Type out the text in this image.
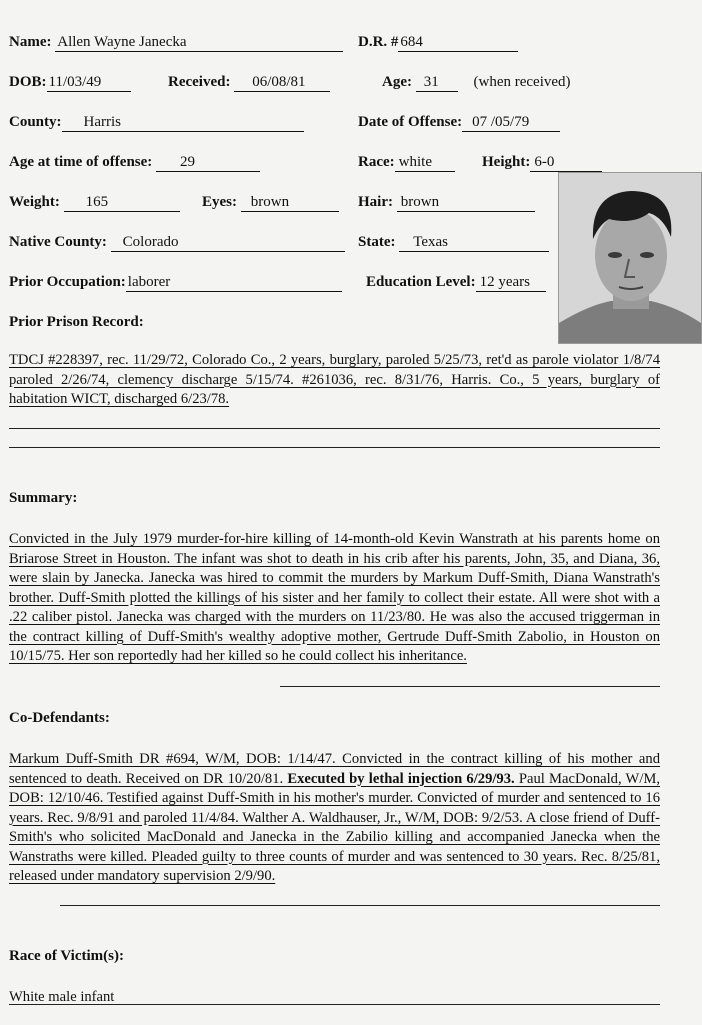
Name: Allen Wayne Janecka	D.R. # 684
DOB: 11/03/49	Received: 06/08/81	Age: 31 (when received)
County: Harris	Date of Offense: 07 /05/79
Age at time of offense: 29	Race: white	Height: 6-0
Weight: 165	Eyes: brown	Hair: brown
Native County: Colorado	State: Texas
Prior Occupation: laborer	Education Level: 12 years
Prior Prison Record:
TDCJ #228397, rec. 11/29/72, Colorado Co., 2 years, burglary, paroled 5/25/73, ret'd as parole violator 1/8/74 paroled 2/26/74, clemency discharge 5/15/74. #261036, rec. 8/31/76, Harris. Co., 5 years, burglary of habitation WICT, discharged 6/23/78.
Summary:
Convicted in the July 1979 murder-for-hire killing of 14-month-old Kevin Wanstrath at his parents home on Briarose Street in Houston. The infant was shot to death in his crib after his parents, John, 35, and Diana, 36, were slain by Janecka. Janecka was hired to commit the murders by Markum Duff-Smith, Diana Wanstrath's brother. Duff-Smith plotted the killings of his sister and her family to collect their estate. All were shot with a .22 caliber pistol. Janecka was charged with the murders on 11/23/80. He was also the accused triggerman in the contract killing of Duff-Smith's wealthy adoptive mother, Gertrude Duff-Smith Zabolio, in Houston on 10/15/75. Her son reportedly had her killed so he could collect his inheritance.
Co-Defendants:
Markum Duff-Smith DR #694, W/M, DOB: 1/14/47. Convicted in the contract killing of his mother and sentenced to death. Received on DR 10/20/81. Executed by lethal injection 6/29/93. Paul MacDonald, W/M, DOB: 12/10/46. Testified against Duff-Smith in his mother's murder. Convicted of murder and sentenced to 16 years. Rec. 9/8/91 and paroled 11/4/84. Walther A. Waldhauser, Jr., W/M, DOB: 9/2/53. A close friend of Duff-Smith's who solicited MacDonald and Janecka in the Zabilio killing and accompanied Janecka when the Wanstraths were killed. Pleaded guilty to three counts of murder and was sentenced to 30 years. Rec. 8/25/81, released under mandatory supervision 2/9/90.
Race of Victim(s):
White male infant
